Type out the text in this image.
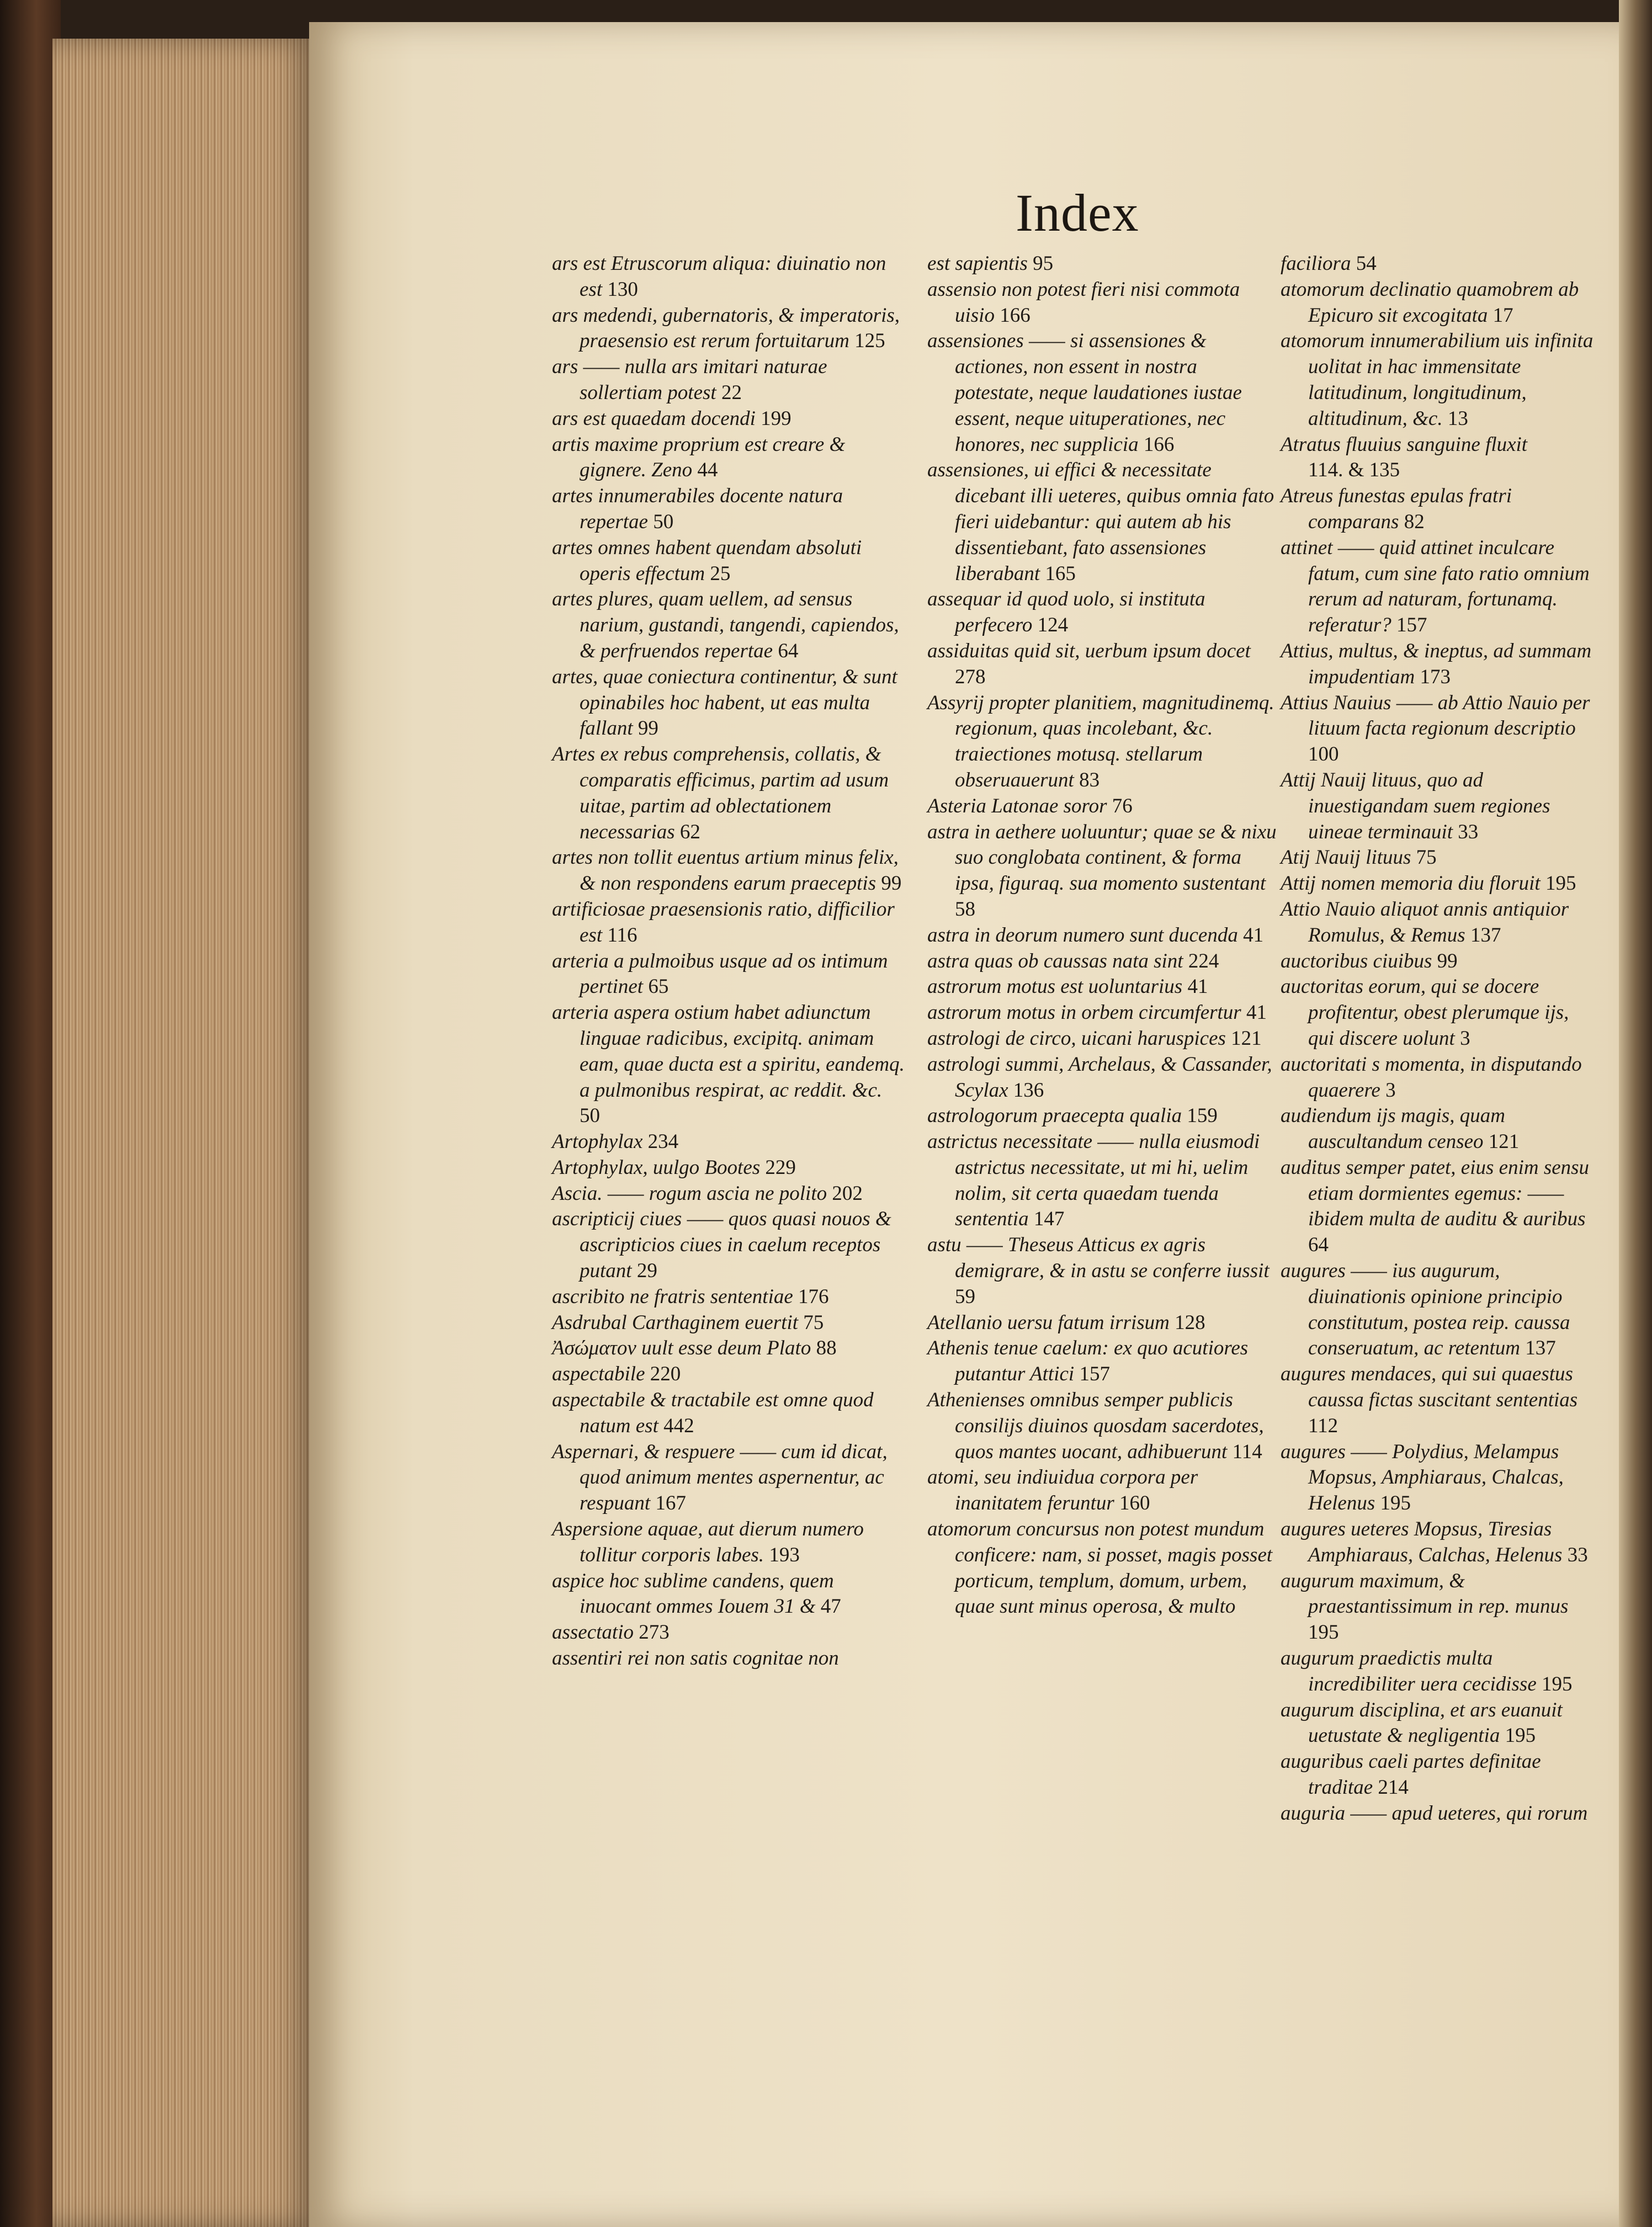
Index

ars est Etruscorum aliqua: diuinatio non est 130

ars medendi, gubernatoris, & imperatoris, praesensio est rerum fortuitarum 125

ars —— nulla ars imitari naturae sollertiam potest 22

ars est quaedam docendi 199

artis maxime proprium est creare & gignere. Zeno 44

artes innumerabiles docente natura repertae 50

artes omnes habent quendam absoluti operis effectum 25

artes plures, quam uellem, ad sensus narium, gustandi, tangendi, capiendos, & perfruendos repertae 64

artes, quae coniectura continentur, & sunt opinabiles hoc habent, ut eas multa fallant 99

Artes ex rebus comprehensis, collatis, & comparatis efficimus, partim ad usum uitae, partim ad oblectationem necessarias 62

artes non tollit euentus artium minus felix, & non respondens earum praeceptis 99

artificiosae praesensionis ratio, difficilior est 116

arteria a pulmoibus usque ad os intimum pertinet 65

arteria aspera ostium habet adiunctum linguae radicibus, excipitq. animam eam, quae ducta est a spiritu, eandemq. a pulmonibus respirat, ac reddit. &c. 50

Artophylax 234

Artophylax, uulgo Bootes 229

Ascia. —— rogum ascia ne polito 202

ascripticij ciues —— quos quasi nouos & ascripticios ciues in caelum receptos putant 29

ascribito ne fratris sententiae 176

Asdrubal Carthaginem euertit 75

Ἀσώματον uult esse deum Plato 88

aspectabile 220

aspectabile & tractabile est omne quod natum est 442

Aspernari, & respuere —— cum id dicat, quod animum mentes aspernentur, ac respuant 167

Aspersione aquae, aut dierum numero tollitur corporis labes. 193

aspice hoc sublime candens, quem inuocant ommes Iouem 31 & 47

assectatio 273

assentiri rei non satis cognitae non

est sapientis 95

assensio non potest fieri nisi commota uisio 166

assensiones —— si assensiones & actiones, non essent in nostra potestate, neque laudationes iustae essent, neque uituperationes, nec honores, nec supplicia 166

assensiones, ui effici & necessitate dicebant illi ueteres, quibus omnia fato fieri uidebantur: qui autem ab his dissentiebant, fato assensiones liberabant 165

assequar id quod uolo, si instituta perfecero 124

assiduitas quid sit, uerbum ipsum docet 278

Assyrij propter planitiem, magnitudinemq. regionum, quas incolebant, &c. traiectiones motusq. stellarum obseruauerunt 83

Asteria Latonae soror 76

astra in aethere uoluuntur; quae se & nixu suo conglobata continent, & forma ipsa, figuraq. sua momento sustentant 58

astra in deorum numero sunt ducenda 41

astra quas ob caussas nata sint 224

astrorum motus est uoluntarius 41

astrorum motus in orbem circumfertur 41

astrologi de circo, uicani haruspices 121

astrologi summi, Archelaus, & Cassander, Scylax 136

astrologorum praecepta qualia 159

astrictus necessitate —— nulla eiusmodi astrictus necessitate, ut mi hi, uelim nolim, sit certa quaedam tuenda sententia 147

astu —— Theseus Atticus ex agris demigrare, & in astu se conferre iussit 59

Atellanio uersu fatum irrisum 128

Athenis tenue caelum: ex quo acutiores putantur Attici 157

Athenienses omnibus semper publicis consilijs diuinos quosdam sacerdotes, quos mantes uocant, adhibuerunt 114

atomi, seu indiuidua corpora per inanitatem feruntur 160

atomorum concursus non potest mundum conficere: nam, si posset, magis posset porticum, templum, domum, urbem, quae sunt minus operosa, & multo

faciliora 54

atomorum declinatio quamobrem ab Epicuro sit excogitata 17

atomorum innumerabilium uis infinita uolitat in hac immensitate latitudinum, longitudinum, altitudinum, &c. 13

Atratus fluuius sanguine fluxit 114. & 135

Atreus funestas epulas fratri comparans 82

attinet —— quid attinet inculcare fatum, cum sine fato ratio omnium rerum ad naturam, fortunamq. referatur? 157

Attius, multus, & ineptus, ad summam impudentiam 173

Attius Nauius —— ab Attio Nauio per lituum facta regionum descriptio 100

Attij Nauij lituus, quo ad inuestigandam suem regiones uineae terminauit 33

Atij Nauij lituus 75

Attij nomen memoria diu floruit 195

Attio Nauio aliquot annis antiquior Romulus, & Remus 137

auctoribus ciuibus 99

auctoritas eorum, qui se docere profitentur, obest plerumque ijs, qui discere uolunt 3

auctoritati s momenta, in disputando quaerere 3

audiendum ijs magis, quam auscultandum censeo 121

auditus semper patet, eius enim sensu etiam dormientes egemus: —— ibidem multa de auditu & auribus 64

augures —— ius augurum, diuinationis opinione principio constitutum, postea reip. caussa conseruatum, ac retentum 137

augures mendaces, qui sui quaestus caussa fictas suscitant sententias 112

augures —— Polydius, Melampus Mopsus, Amphiaraus, Chalcas, Helenus 195

augures ueteres Mopsus, Tiresias Amphiaraus, Calchas, Helenus 33

augurum maximum, & praestantissimum in rep. munus 195

augurum praedictis multa incredibiliter uera cecidisse 195

augurum disciplina, et ars euanuit uetustate & negligentia 195

auguribus caeli partes definitae traditae 214

auguria —— apud ueteres, qui rorum
